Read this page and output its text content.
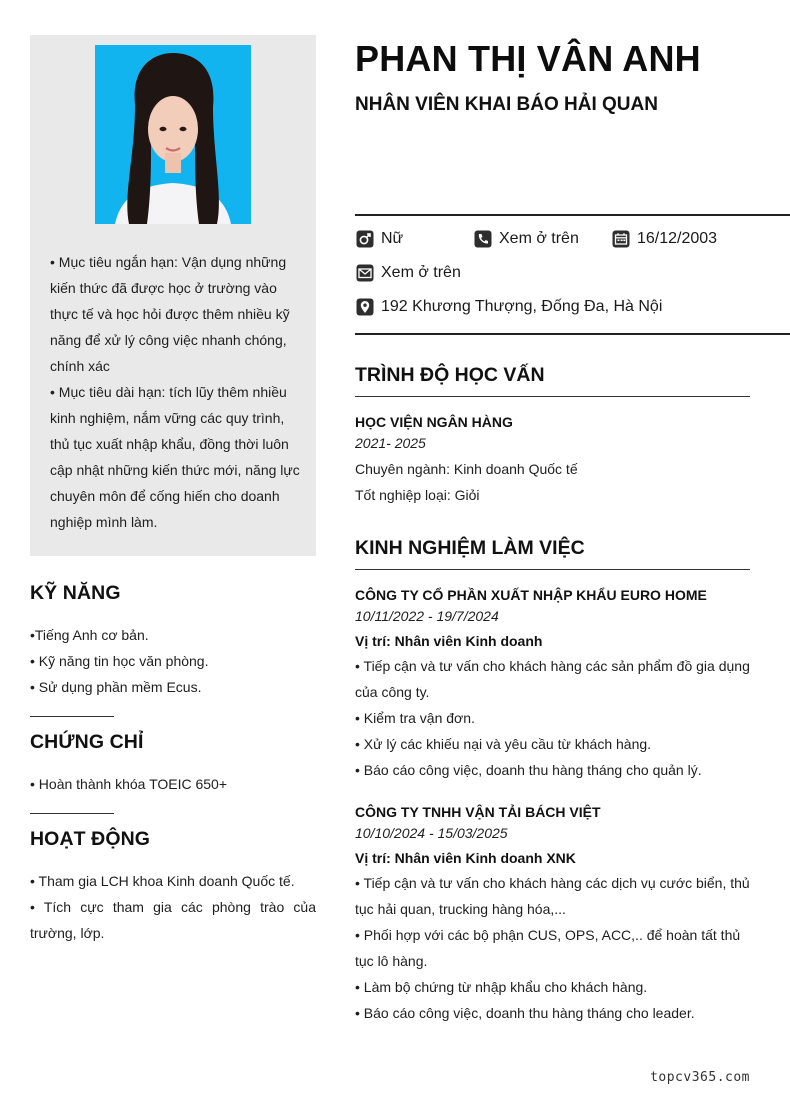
• Mục tiêu ngắn hạn: Vận dụng những kiến thức đã được học ở trường vào thực tế và học hỏi được thêm nhiều kỹ năng để xử lý công việc nhanh chóng, chính xác

• Mục tiêu dài hạn: tích lũy thêm nhiều kinh nghiệm, nắm vững các quy trình, thủ tục xuất nhập khẩu, đồng thời luôn cập nhật những kiến thức mới, năng lực chuyên môn để cống hiến cho doanh nghiệp mình làm.

KỸ NĂNG

•Tiếng Anh cơ bản.

• Kỹ năng tin học văn phòng.

• Sử dụng phần mềm Ecus.

CHỨNG CHỈ

• Hoàn thành khóa TOEIC 650+

HOẠT ĐỘNG

• Tham gia LCH khoa Kinh doanh Quốc tế.

• Tích cực tham gia các phòng trào của trường, lớp.

PHAN THỊ VÂN ANH
NHÂN VIÊN KHAI BÁO HẢI QUAN
Nữ	Xem ở trên	16/12/2003
Xem ở trên
192 Khương Thượng, Đống Đa, Hà Nội
TRÌNH ĐỘ HỌC VẤN
HỌC VIỆN NGÂN HÀNG
2021- 2025
Chuyên ngành: Kinh doanh Quốc tế
Tốt nghiệp loại: Giỏi
KINH NGHIỆM LÀM VIỆC
CÔNG TY CỔ PHẦN XUẤT NHẬP KHẨU EURO HOME
10/11/2022 - 19/7/2024
Vị trí: Nhân viên Kinh doanh
• Tiếp cận và tư vấn cho khách hàng các sản phẩm đồ gia dụng của công ty.
• Kiểm tra vận đơn.
• Xử lý các khiếu nại và yêu cầu từ khách hàng.
• Báo cáo công việc, doanh thu hàng tháng cho quản lý.
CÔNG TY TNHH VẬN TẢI BÁCH VIỆT
10/10/2024 - 15/03/2025
Vị trí: Nhân viên Kinh doanh XNK
• Tiếp cận và tư vấn cho khách hàng các dịch vụ cước biển, thủ tục hải quan, trucking hàng hóa,...
• Phối hợp với các bộ phận CUS, OPS, ACC,.. để hoàn tất thủ tục lô hàng.
• Làm bộ chứng từ nhập khẩu cho khách hàng.
• Báo cáo công việc, doanh thu hàng tháng cho leader.
topcv365.com
